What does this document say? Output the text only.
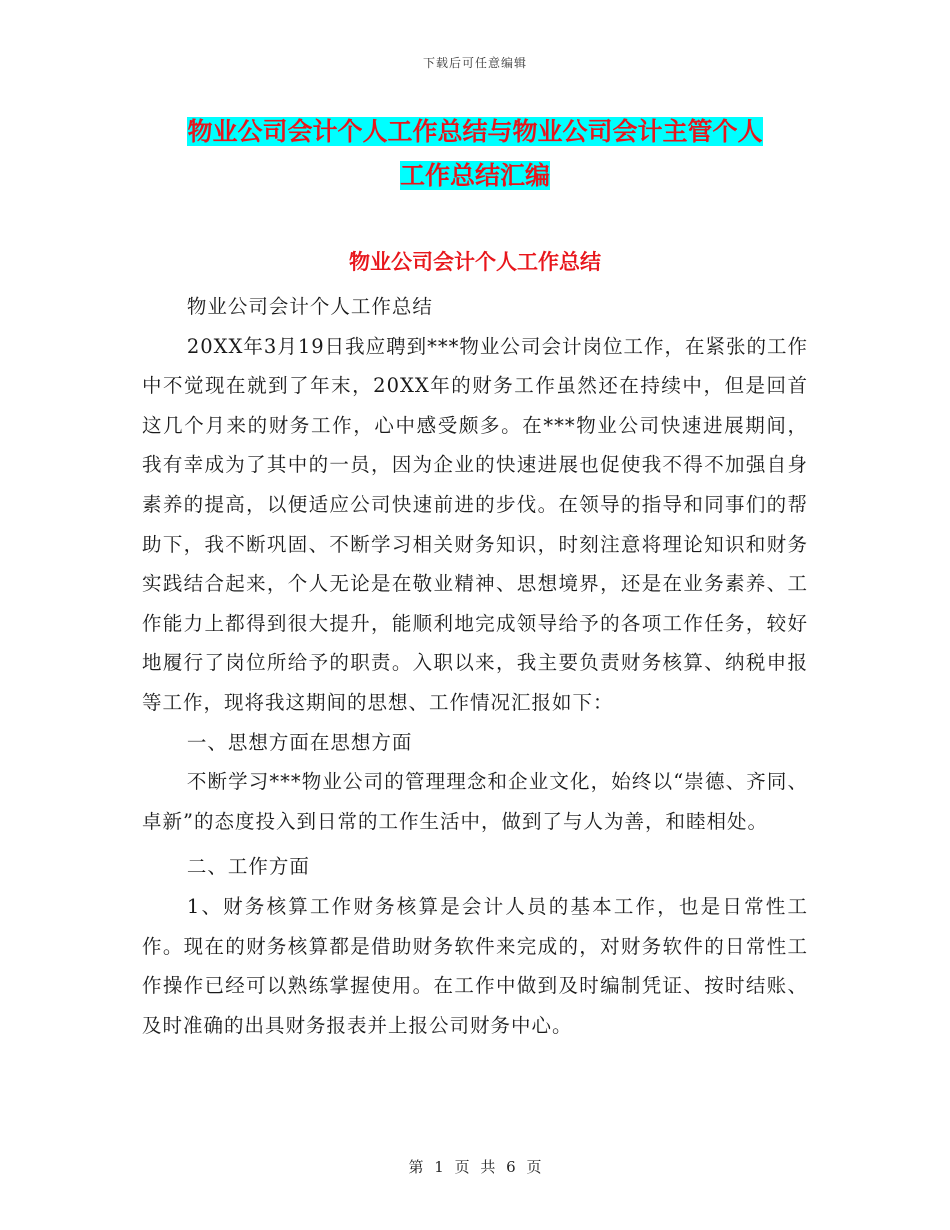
下载后可任意编辑
物业公司会计个人工作总结与物业公司会计主管个人
工作总结汇编
物业公司会计个人工作总结

物业公司会计个人工作总结

20XX年3月19日我应聘到***物业公司会计岗位工作，在紧张的工作中不觉现在就到了年末，20XX年的财务工作虽然还在持续中，但是回首这几个月来的财务工作，心中感受颇多。在***物业公司快速进展期间，我有幸成为了其中的一员，因为企业的快速进展也促使我不得不加强自身素养的提高，以便适应公司快速前进的步伐。在领导的指导和同事们的帮助下，我不断巩固、不断学习相关财务知识，时刻注意将理论知识和财务实践结合起来，个人无论是在敬业精神、思想境界，还是在业务素养、工作能力上都得到很大提升，能顺利地完成领导给予的各项工作任务，较好地履行了岗位所给予的职责。入职以来，我主要负责财务核算、纳税申报等工作，现将我这期间的思想、工作情况汇报如下：

一、思想方面在思想方面

不断学习***物业公司的管理理念和企业文化，始终以“崇德、齐同、卓新”的态度投入到日常的工作生活中，做到了与人为善，和睦相处。

二、工作方面

1、财务核算工作财务核算是会计人员的基本工作，也是日常性工作。现在的财务核算都是借助财务软件来完成的，对财务软件的日常性工作操作已经可以熟练掌握使用。在工作中做到及时编制凭证、按时结账、及时准确的出具财务报表并上报公司财务中心。

第 1 页 共 6 页
